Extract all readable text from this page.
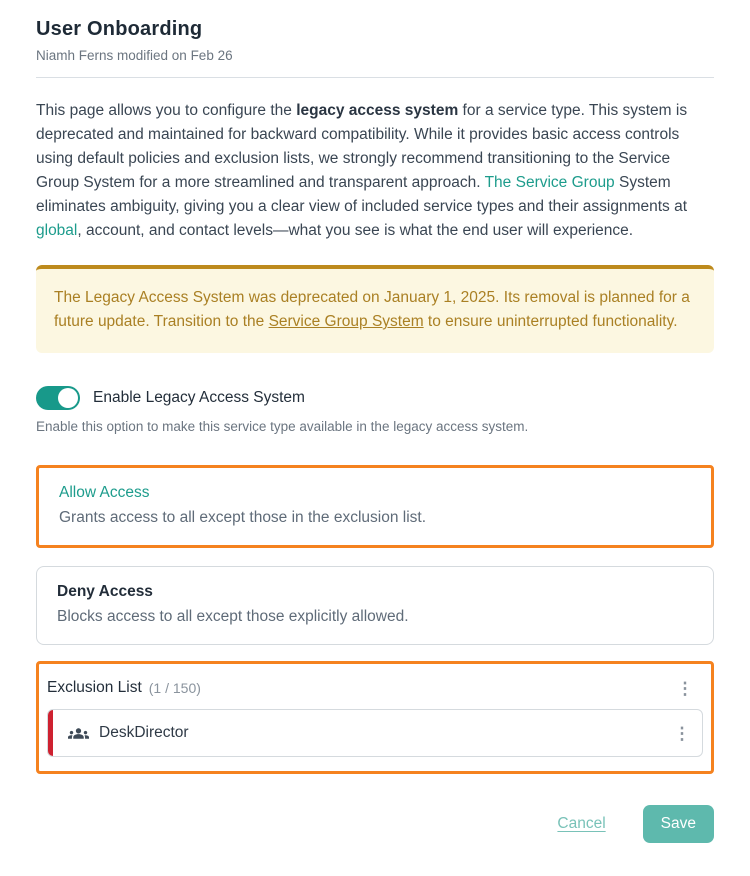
User Onboarding
Niamh Ferns modified on Feb 26

This page allows you to configure the legacy access system for a service type. This system is deprecated and maintained for backward compatibility. While it provides basic access controls using default policies and exclusion lists, we strongly recommend transitioning to the Service Group System for a more streamlined and transparent approach. The Service Group System eliminates ambiguity, giving you a clear view of included service types and their assignments at global, account, and contact levels—what you see is what the end user will experience.

The Legacy Access System was deprecated on January 1, 2025. Its removal is planned for a future update. Transition to the Service Group System to ensure uninterrupted functionality.
Enable Legacy Access System
Enable this option to make this service type available in the legacy access system.
Allow Access
Grants access to all except those in the exclusion list.
Deny Access
Blocks access to all except those explicitly allowed.
Exclusion List (1 / 150)	⋮
DeskDirector	⋮
Cancel	Save
